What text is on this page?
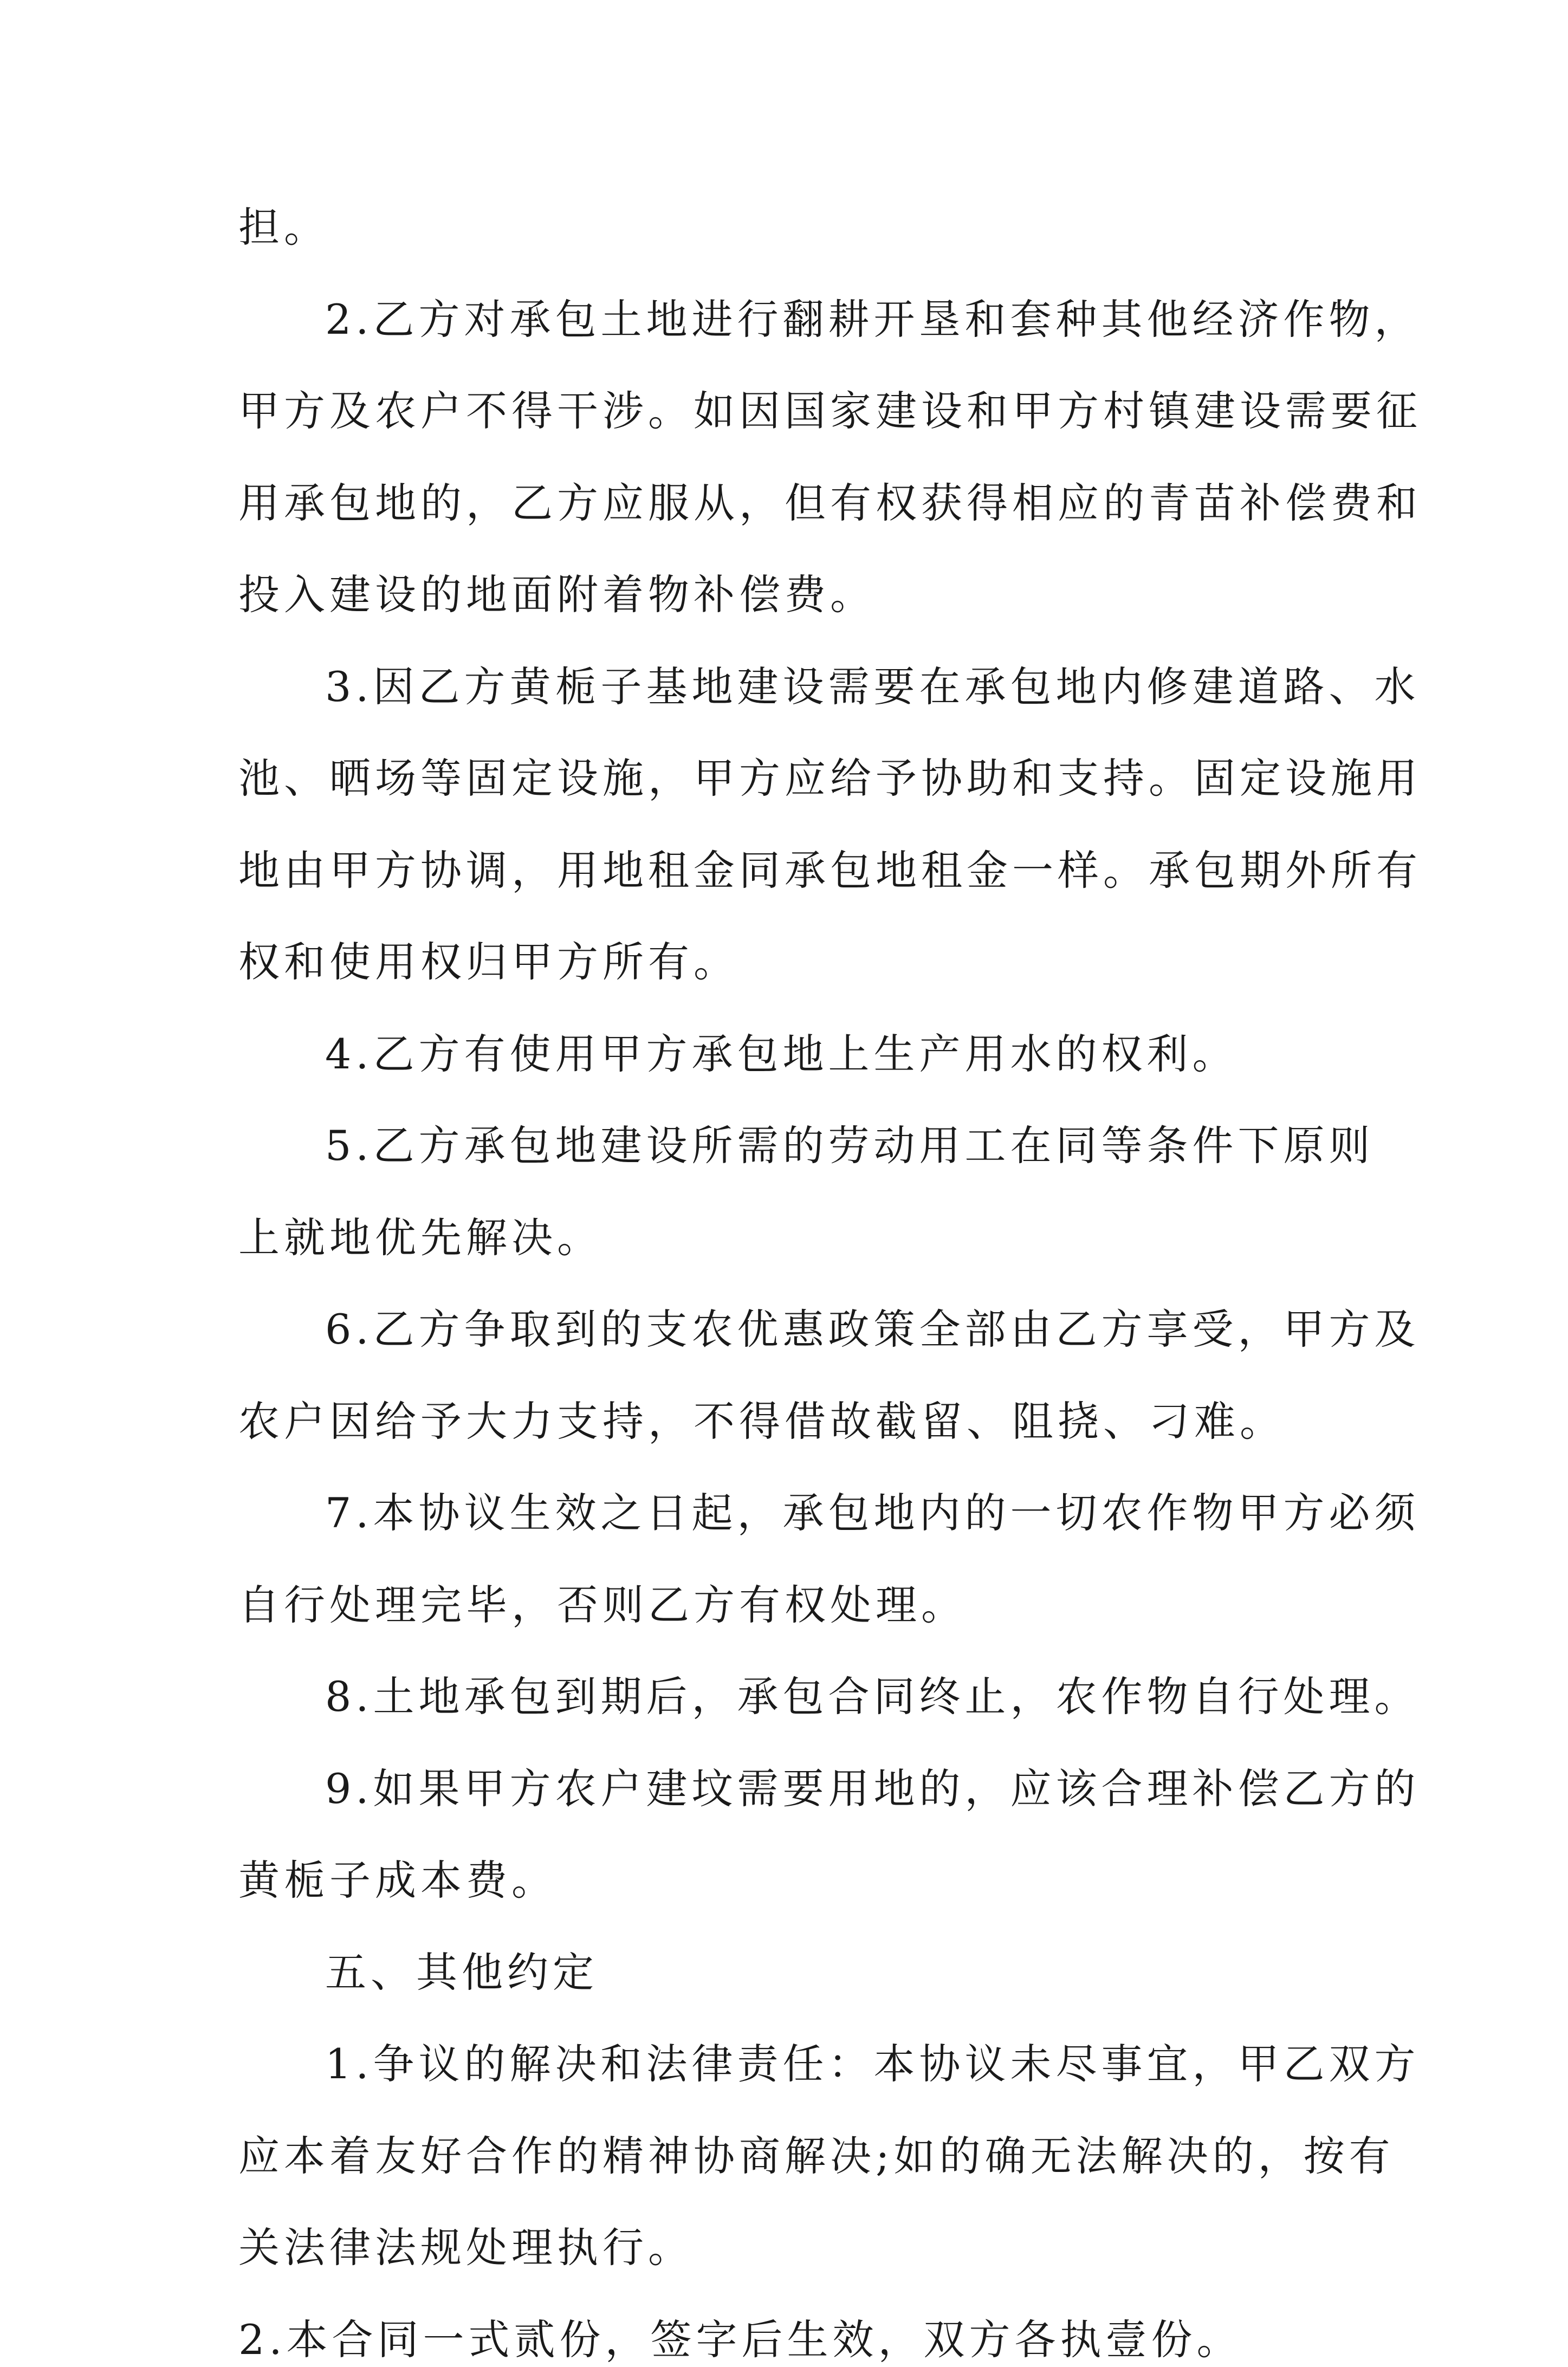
担。
2.乙方对承包土地进行翻耕开垦和套种其他经济作物，
甲方及农户不得干涉。如因国家建设和甲方村镇建设需要征
用承包地的，乙方应服从，但有权获得相应的青苗补偿费和
投入建设的地面附着物补偿费。
3.因乙方黄栀子基地建设需要在承包地内修建道路、水
池、晒场等固定设施，甲方应给予协助和支持。固定设施用
地由甲方协调，用地租金同承包地租金一样。承包期外所有
权和使用权归甲方所有。
4.乙方有使用甲方承包地上生产用水的权利。
5.乙方承包地建设所需的劳动用工在同等条件下原则
上就地优先解决。
6.乙方争取到的支农优惠政策全部由乙方享受，甲方及
农户因给予大力支持，不得借故截留、阻挠、刁难。
7.本协议生效之日起，承包地内的一切农作物甲方必须
自行处理完毕，否则乙方有权处理。
8.土地承包到期后，承包合同终止，农作物自行处理。
9.如果甲方农户建坟需要用地的，应该合理补偿乙方的
黄栀子成本费。
五、其他约定
1.争议的解决和法律责任：本协议未尽事宜，甲乙双方
应本着友好合作的精神协商解决;如的确无法解决的，按有
关法律法规处理执行。
2.本合同一式贰份，签字后生效，双方各执壹份。
